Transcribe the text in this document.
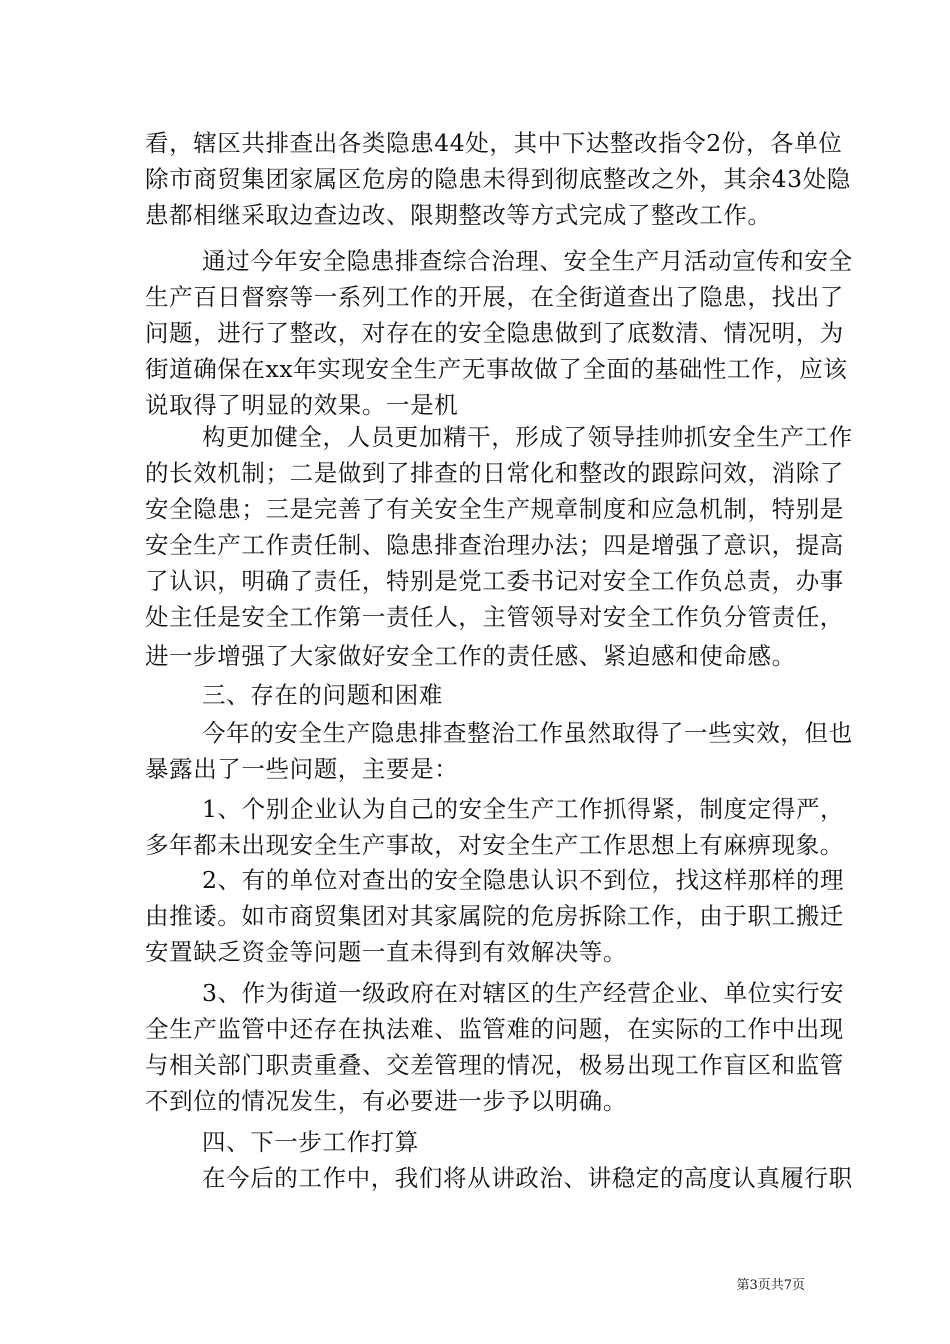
看，辖区共排查出各类隐患44处，其中下达整改指令2份，各单位
除市商贸集团家属区危房的隐患未得到彻底整改之外，其余43处隐
患都相继采取边查边改、限期整改等方式完成了整改工作。
通过今年安全隐患排查综合治理、安全生产月活动宣传和安全
生产百日督察等一系列工作的开展，在全街道查出了隐患，找出了
问题，进行了整改，对存在的安全隐患做到了底数清、情况明，为
街道确保在xx年实现安全生产无事故做了全面的基础性工作，应该
说取得了明显的效果。一是机
构更加健全，人员更加精干，形成了领导挂帅抓安全生产工作
的长效机制；二是做到了排查的日常化和整改的跟踪问效，消除了
安全隐患；三是完善了有关安全生产规章制度和应急机制，特别是
安全生产工作责任制、隐患排查治理办法；四是增强了意识，提高
了认识，明确了责任，特别是党工委书记对安全工作负总责，办事
处主任是安全工作第一责任人，主管领导对安全工作负分管责任，
进一步增强了大家做好安全工作的责任感、紧迫感和使命感。
三、存在的问题和困难
今年的安全生产隐患排查整治工作虽然取得了一些实效，但也
暴露出了一些问题，主要是：
1、个别企业认为自己的安全生产工作抓得紧，制度定得严，
多年都未出现安全生产事故，对安全生产工作思想上有麻痹现象。
2、有的单位对查出的安全隐患认识不到位，找这样那样的理
由推诿。如市商贸集团对其家属院的危房拆除工作，由于职工搬迁
安置缺乏资金等问题一直未得到有效解决等。
3、作为街道一级政府在对辖区的生产经营企业、单位实行安
全生产监管中还存在执法难、监管难的问题，在实际的工作中出现
与相关部门职责重叠、交差管理的情况，极易出现工作盲区和监管
不到位的情况发生，有必要进一步予以明确。
四、下一步工作打算
在今后的工作中，我们将从讲政治、讲稳定的高度认真履行职
第3页共7页
